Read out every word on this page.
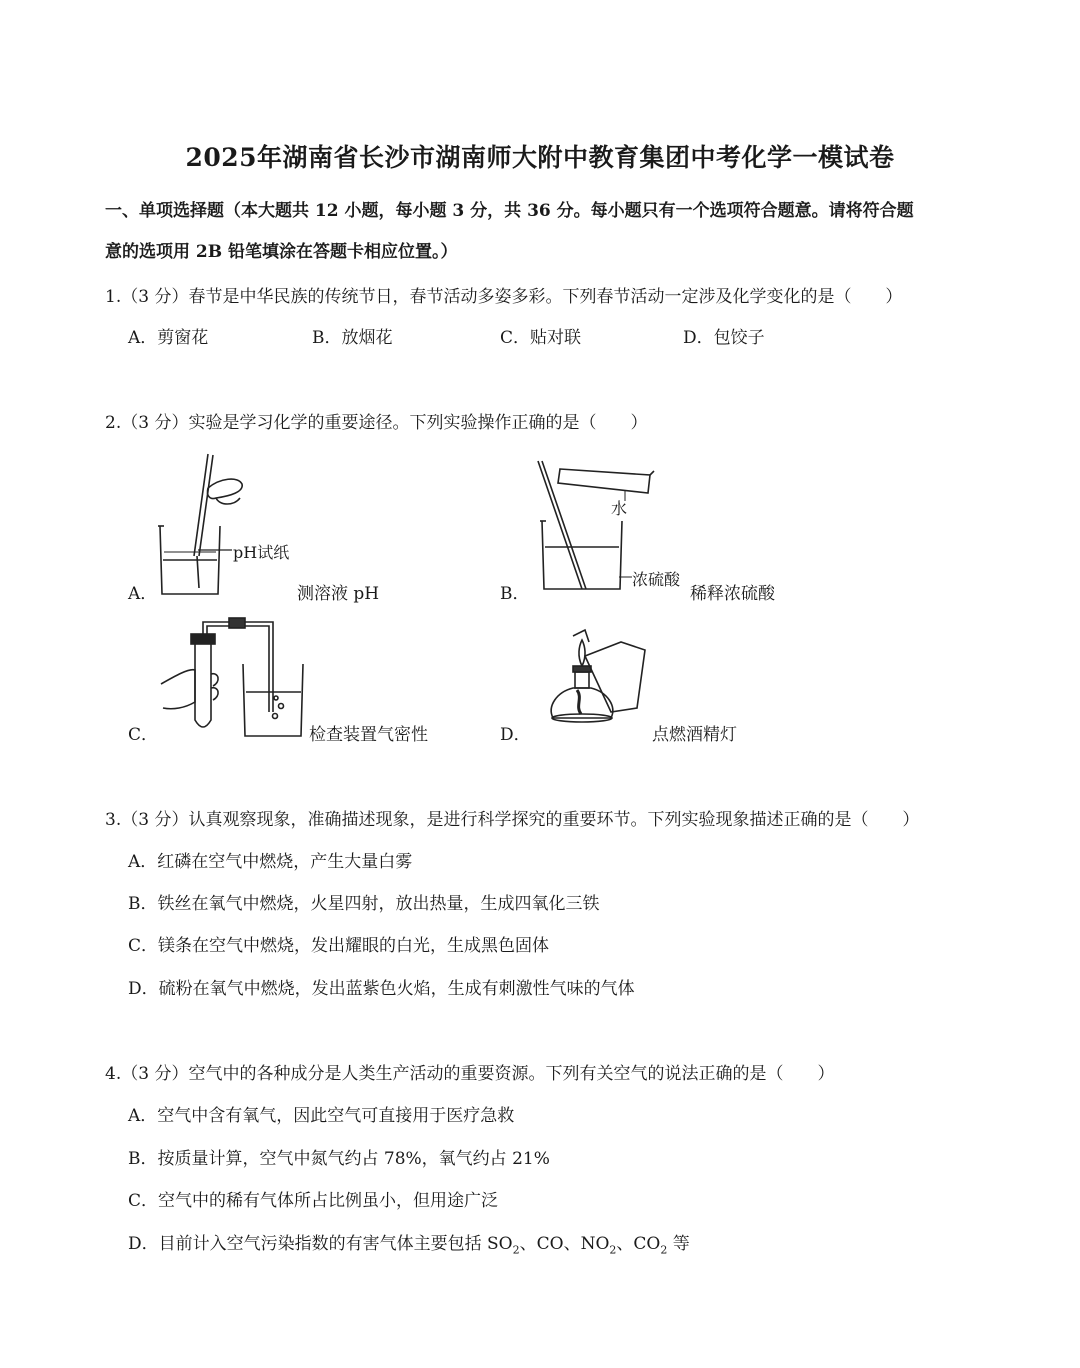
2025年湖南省长沙市湖南师大附中教育集团中考化学一模试卷
一、单项选择题（本大题共 12 小题，每小题 3 分，共 36 分。每小题只有一个选项符合题意。请将符合题
意的选项用 2B 铅笔填涂在答题卡相应位置。）
1.（3 分）春节是中华民族的传统节日，春节活动多姿多彩。下列春节活动一定涉及化学变化的是（　　）
A．剪窗花	B．放烟花	C．贴对联	D．包饺子
2.（3 分）实验是学习化学的重要途径。下列实验操作正确的是（　　）
pH试纸
A．	测溶液 pH
水
浓硫酸
B．	稀释浓硫酸
C．	检查装置气密性	D．	点燃酒精灯
3.（3 分）认真观察现象，准确描述现象，是进行科学探究的重要环节。下列实验现象描述正确的是（　　）
A．红磷在空气中燃烧，产生大量白雾
B．铁丝在氧气中燃烧，火星四射，放出热量，生成四氧化三铁
C．镁条在空气中燃烧，发出耀眼的白光，生成黑色固体
D．硫粉在氧气中燃烧，发出蓝紫色火焰，生成有刺激性气味的气体
4.（3 分）空气中的各种成分是人类生产活动的重要资源。下列有关空气的说法正确的是（　　）
A．空气中含有氧气，因此空气可直接用于医疗急救
B．按质量计算，空气中氮气约占 78%，氧气约占 21%
C．空气中的稀有气体所占比例虽小，但用途广泛
D．目前计入空气污染指数的有害气体主要包括 $SO_2$、CO、$NO_2$、$CO_2$ 等
